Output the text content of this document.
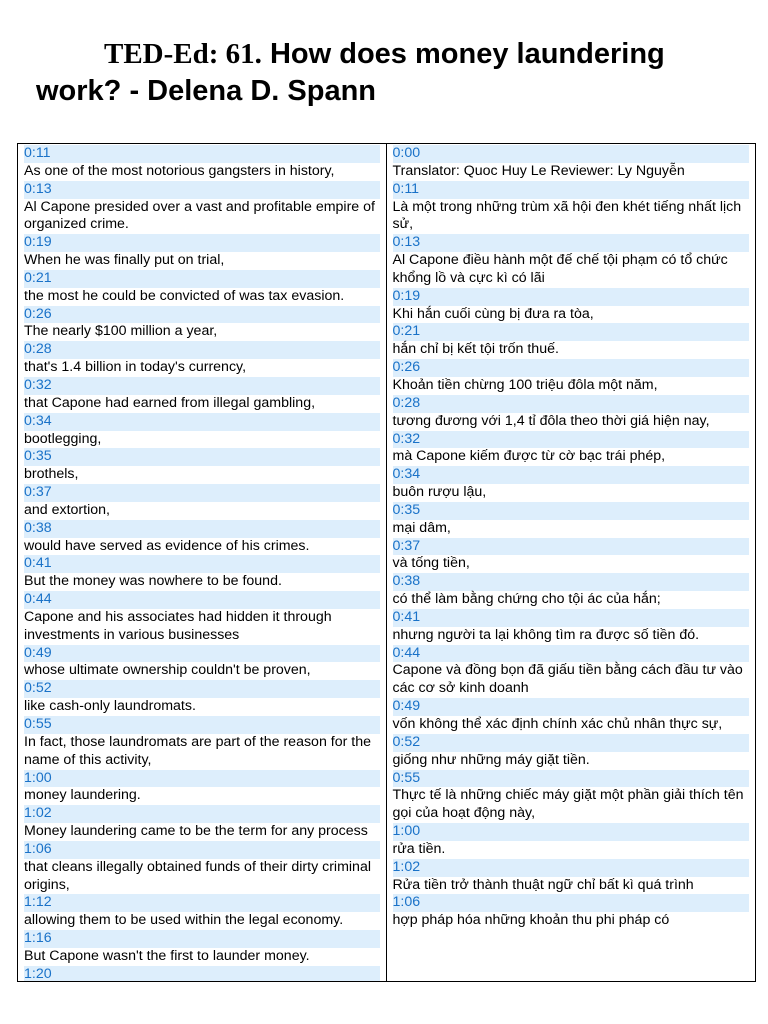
TED-Ed: 61. How does money laundering work? - Delena D. Spann
0:11
As one of the most notorious gangsters in history,
0:13
Al Capone presided over a vast and profitable empire of organized crime.
0:19
When he was finally put on trial,
0:21
the most he could be convicted of was tax evasion.
0:26
The nearly $100 million a year,
0:28
that's 1.4 billion in today's currency,
0:32
that Capone had earned from illegal gambling,
0:34
bootlegging,
0:35
brothels,
0:37
and extortion,
0:38
would have served as evidence of his crimes.
0:41
But the money was nowhere to be found.
0:44
Capone and his associates had hidden it through investments in various businesses
0:49
whose ultimate ownership couldn't be proven,
0:52
like cash-only laundromats.
0:55
In fact, those laundromats are part of the reason for the name of this activity,
1:00
money laundering.
1:02
Money laundering came to be the term for any process
1:06
that cleans illegally obtained funds of their dirty criminal origins,
1:12
allowing them to be used within the legal economy.
1:16
But Capone wasn't the first to launder money.
1:20
0:00
Translator: Quoc Huy Le Reviewer: Ly Nguyễn
0:11
Là một trong những trùm xã hội đen khét tiếng nhất lịch sử,
0:13
Al Capone điều hành một đế chế tội phạm có tổ chức khổng lồ và cực kì có lãi
0:19
Khi hắn cuối cùng bị đưa ra tòa,
0:21
hắn chỉ bị kết tội trốn thuế.
0:26
Khoản tiền chừng 100 triệu đôla một năm,
0:28
tương đương với 1,4 tỉ đôla theo thời giá hiện nay,
0:32
mà Capone kiếm được từ cờ bạc trái phép,
0:34
buôn rượu lậu,
0:35
mại dâm,
0:37
và tống tiền,
0:38
có thể làm bằng chứng cho tội ác của hắn;
0:41
nhưng người ta lại không tìm ra được số tiền đó.
0:44
Capone và đồng bọn đã giấu tiền bằng cách đầu tư vào các cơ sở kinh doanh
0:49
vốn không thể xác định chính xác chủ nhân thực sự,
0:52
giống như những máy giặt tiền.
0:55
Thực tế là những chiếc máy giặt một phần giải thích tên gọi của hoạt động này,
1:00
rửa tiền.
1:02
Rửa tiền trở thành thuật ngữ chỉ bất kì quá trình
1:06
hợp pháp hóa những khoản thu phi pháp có
